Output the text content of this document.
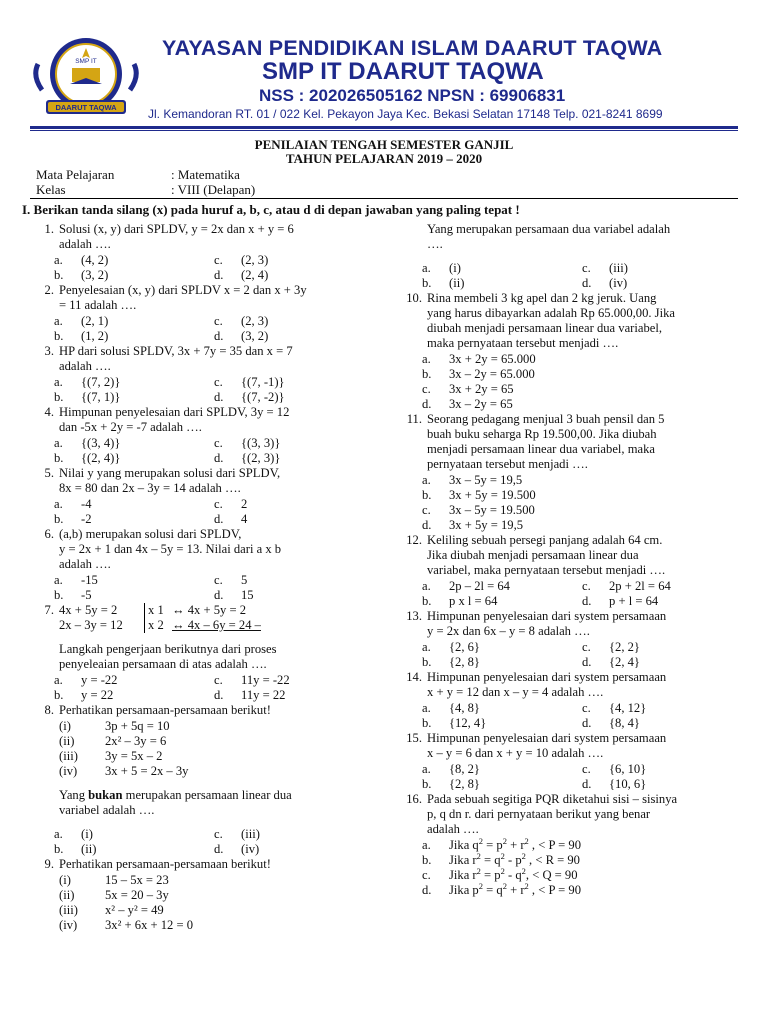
SMP IT
DAARUT TAQWA
YAYASAN PENDIDIKAN ISLAM DAARUT TAQWA
SMP IT DAARUT TAQWA
NSS : 202026505162 NPSN : 69906831
Jl. Kemandoran RT. 01 / 022 Kel. Pekayon Jaya Kec. Bekasi Selatan 17148 Telp. 021-8241 8699
PENILAIAN TENGAH SEMESTER GANJIL
TAHUN PELAJARAN 2019 – 2020
Mata Pelajaran	: Matematika
Kelas	: VIII (Delapan)
I. Berikan tanda silang (x) pada huruf a, b, c, atau d di depan jawaban yang paling tepat !
1. Solusi (x, y) dari SPLDV, y = 2x dan x + y = 6
adalah ….
a. (4, 2)	c. (2, 3)
b. (3, 2)	d. (2, 4)
2. Penyelesaian (x, y) dari SPLDV x = 2 dan x + 3y
= 11 adalah ….
a. (2, 1)	c. (2, 3)
b. (1, 2)	d. (3, 2)
3. HP dari solusi SPLDV, 3x + 7y = 35 dan x = 7
adalah ….
a. {(7, 2)}	c. {(7, -1)}
b. {(7, 1)}	d. {(7, -2)}
4. Himpunan penyelesaian dari SPLDV, 3y = 12
dan -5x + 2y = -7 adalah ….
a. {(3, 4)}	c. {(3, 3)}
b. {(2, 4)}	d. {(2, 3)}
5. Nilai y yang merupakan solusi dari SPLDV,
8x = 80 dan 2x – 3y = 14 adalah ….
a. -4	c. 2
b. -2	d. 4
6. (a,b) merupakan solusi dari SPLDV,
y = 2x + 1 dan 4x – 5y = 13. Nilai dari a x b
adalah ….
a. -15	c. 5
b. -5	d. 15
7. 4x + 5y = 2	x 1 ↔ 4x + 5y = 2
2x – 3y = 12	x 2 ↔ 4x – 6y = 24 –
Langkah pengerjaan berikutnya dari proses
penyeleaian persamaan di atas adalah ….
a. y = -22	c. 11y = -22
b. y = 22	d. 11y = 22
8. Perhatikan persamaan-persamaan berikut!
(i)	3p + 5q = 10
(ii)	2x² – 3y = 6
(iii)	3y = 5x – 2
(iv)	3x + 5 = 2x – 3y
Yang bukan merupakan persamaan linear dua
variabel adalah ….
a. (i)	c. (iii)
b. (ii)	d. (iv)
9. Perhatikan persamaan-persamaan berikut!
(i)	15 – 5x = 23
(ii)	5x = 20 – 3y
(iii)	x² – y² = 49
(iv)	3x² + 6x + 12 = 0
Yang merupakan persamaan dua variabel adalah
….
a. (i)	c. (iii)
b. (ii)	d. (iv)
10. Rina membeli 3 kg apel dan 2 kg jeruk. Uang
yang harus dibayarkan adalah Rp 65.000,00. Jika
diubah menjadi persamaan linear dua variabel,
maka pernyataan tersebut menjadi ….
a. 3x + 2y = 65.000
b. 3x – 2y = 65.000
c. 3x + 2y = 65
d. 3x – 2y = 65
11. Seorang pedagang menjual 3 buah pensil dan 5
buah buku seharga Rp 19.500,00. Jika diubah
menjadi persamaan linear dua variabel, maka
pernyataan tersebut menjadi ….
a. 3x – 5y = 19,5
b. 3x + 5y = 19.500
c. 3x – 5y = 19.500
d. 3x + 5y = 19,5
12. Keliling sebuah persegi panjang adalah 64 cm.
Jika diubah menjadi persamaan linear dua
variabel, maka pernyataan tersebut menjadi ….
a. 2p – 2l = 64	c. 2p + 2l = 64
b. p x l = 64	d. p + l = 64
13. Himpunan penyelesaian dari system persamaan
y = 2x dan 6x – y = 8 adalah ….
a. {2, 6}	c. {2, 2}
b. {2, 8}	d. {2, 4}
14. Himpunan penyelesaian dari system persamaan
x + y = 12 dan x – y = 4 adalah ….
a. {4, 8}	c. {4, 12}
b. {12, 4}	d. {8, 4}
15. Himpunan penyelesaian dari system persamaan
x – y = 6 dan x + y = 10 adalah ….
a. {8, 2}	c. {6, 10}
b. {2, 8}	d. {10, 6}
16. Pada sebuah segitiga PQR diketahui sisi – sisinya
p, q dn r. dari pernyataan berikut yang benar
adalah ….
a. Jika $q^2 = p^2 + r^2$ , < P = 90
b. Jika $r^2 = q^2 - p^2$ , < R = 90
c. Jika $r^2 = p^2 - q^2$, < Q = 90
d. Jika $p^2 = q^2 + r^2$ , < P = 90
